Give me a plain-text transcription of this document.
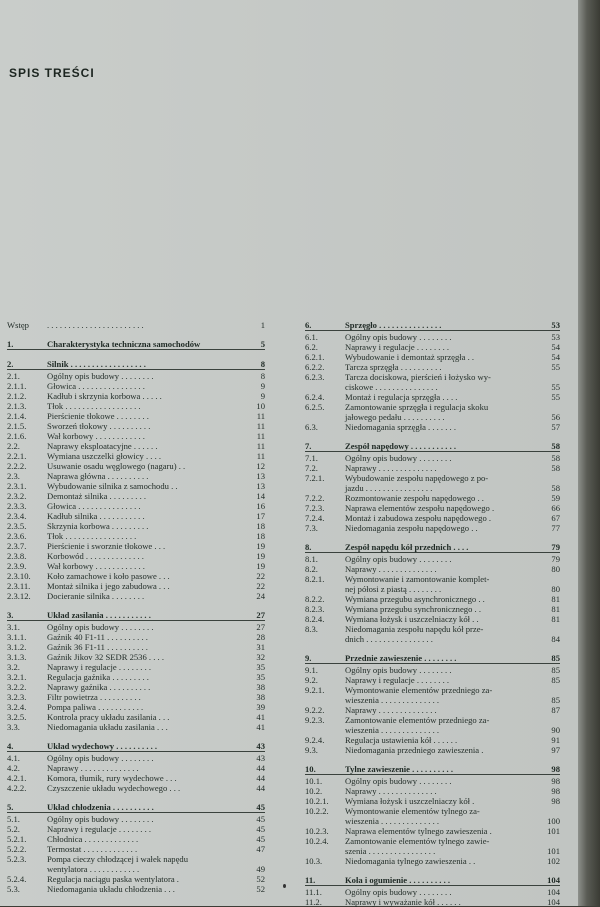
SPIS TREŚCI
Wstęp . . . . . . . . . . . . . . . . . . . . . . .	1
1.	Charakterystyka techniczna samochodów	5
2.	Silnik . . . . . . . . . . . . . . . . . .	8
2.1.	Ogólny opis budowy . . . . . . . .	8
2.1.1. Głowica . . . . . . . . . . . . . . . .	9
2.1.2. Kadłub i skrzynia korbowa . . . . .	9
2.1.3. Tłok . . . . . . . . . . . . . . . . . .	10
2.1.4. Pierścienie tłokowe . . . . . . . .	11
2.1.5. Sworzeń tłokowy . . . . . . . . . .	11
2.1.6. Wał korbowy . . . . . . . . . . . .	11
2.2.	Naprawy eksploatacyjne . . . . . .	11
2.2.1. Wymiana uszczelki głowicy . . . .	11
2.2.2. Usuwanie osadu węglowego (nagaru) . .	12
2.3.	Naprawa główna . . . . . . . . . .	13
2.3.1. Wybudowanie silnika z samochodu . .	13
2.3.2. Demontaż silnika . . . . . . . . .	14
2.3.3. Głowica . . . . . . . . . . . . . . .	16
2.3.4. Kadłub silnika . . . . . . . . . . .	17
2.3.5. Skrzynia korbowa . . . . . . . . .	18
2.3.6. Tłok . . . . . . . . . . . . . . . . .	18
2.3.7. Pierścienie i sworznie tłokowe . . .	19
2.3.8. Korbowód . . . . . . . . . . . . . .	19
2.3.9. Wał korbowy . . . . . . . . . . . .	19
2.3.10. Koło zamachowe i koło pasowe . . .	22
2.3.11. Montaż silnika i jego zabudowa . . .	22
2.3.12. Docieranie silnika . . . . . . . .	24
3.	Układ zasilania . . . . . . . . . . .	27
3.1.	Ogólny opis budowy . . . . . . . .	27
3.1.1. Gaźnik 40 F1-11 . . . . . . . . . .	28
3.1.2. Gaźnik 36 F1-11 . . . . . . . . . .	31
3.1.3. Gaźnik Jikov 32 SEDR 2536 . . . .	32
3.2.	Naprawy i regulacje . . . . . . . .	35
3.2.1. Regulacja gaźnika . . . . . . . . .	35
3.2.2. Naprawy gaźnika . . . . . . . . . .	38
3.2.3. Filtr powietrza . . . . . . . . . .	38
3.2.4. Pompa paliwa . . . . . . . . . . .	39
3.2.5. Kontrola pracy układu zasilania . . .	41
3.3.	Niedomagania układu zasilania . . .	41
4.	Układ wydechowy . . . . . . . . . .	43
4.1.	Ogólny opis budowy . . . . . . . .	43
4.2.	Naprawy . . . . . . . . . . . . . .	44
4.2.1. Komora, tłumik, rury wydechowe . . .	44
4.2.2. Czyszczenie układu wydechowego . . .	44
5.	Układ chłodzenia . . . . . . . . . .	45
5.1.	Ogólny opis budowy . . . . . . . .	45
5.2.	Naprawy i regulacje . . . . . . . .	45
5.2.1. Chłodnica . . . . . . . . . . . . .	45
5.2.2. Termostat . . . . . . . . . . . . .	47
5.2.3. Pompa cieczy chłodzącej i wałek napędu
wentylatora . . . . . . . . . . . .	49
5.2.4. Regulacja naciągu paska wentylatora .	52
5.3.	Niedomagania układu chłodzenia . . .	52
6.	Sprzęgło . . . . . . . . . . . . . . .	53
6.1.	Ogólny opis budowy . . . . . . . .	53
6.2.	Naprawy i regulacje . . . . . . . .	54
6.2.1. Wybudowanie i demontaż sprzęgła . .	54
6.2.2. Tarcza sprzęgła . . . . . . . . . .	55
6.2.3. Tarcza dociskowa, pierścień i łożysko wy-
ciskowe . . . . . . . . . . . . . . .	55
6.2.4. Montaż i regulacja sprzęgła . . . .	55
6.2.5. Zamontowanie sprzęgła i regulacja skoku
jałowego pedału . . . . . . . . . .	56
6.3.	Niedomagania sprzęgła . . . . . . .	57
7.	Zespół napędowy . . . . . . . . . . .	58
7.1.	Ogólny opis budowy . . . . . . . .	58
7.2.	Naprawy . . . . . . . . . . . . . .	58
7.2.1. Wybudowanie zespołu napędowego z po-
jazdu . . . . . . . . . . . . . . . .	58
7.2.2. Rozmontowanie zespołu napędowego . .	59
7.2.3. Naprawa elementów zespołu napędowego .	66
7.2.4. Montaż i zabudowa zespołu napędowego .	67
7.3.	Niedomagania zespołu napędowego . .	77
8.	Zespół napędu kół przednich . . . .	79
8.1.	Ogólny opis budowy . . . . . . . .	79
8.2.	Naprawy . . . . . . . . . . . . . .	80
8.2.1. Wymontowanie i zamontowanie komplet-
nej półosi z piastą . . . . . . . .	80
8.2.2. Wymiana przegubu asynchronicznego . .	81
8.2.3. Wymiana przegubu synchronicznego . .	81
8.2.4. Wymiana łożysk i uszczelniaczy kół . .	81
8.3.	Niedomagania zespołu napędu kół prze-
dnich . . . . . . . . . . . . . . . .	84
9.	Przednie zawieszenie . . . . . . . .	85
9.1.	Ogólny opis budowy . . . . . . . .	85
9.2.	Naprawy i regulacje . . . . . . . .	85
9.2.1. Wymontowanie elementów przedniego za-
wieszenia . . . . . . . . . . . . . .	85
9.2.2. Naprawy . . . . . . . . . . . . . .	87
9.2.3. Zamontowanie elementów przedniego za-
wieszenia . . . . . . . . . . . . . .	90
9.2.4. Regulacja ustawienia kół . . . . . .	91
9.3.	Niedomagania przedniego zawieszenia .	97
10.	Tylne zawieszenie . . . . . . . . . .	98
10.1.	Ogólny opis budowy . . . . . . . .	98
10.2.	Naprawy . . . . . . . . . . . . . .	98
10.2.1. Wymiana łożysk i uszczelniaczy kół .	98
10.2.2. Wymontowanie elementów tylnego za-
wieszenia . . . . . . . . . . . . . .	100
10.2.3. Naprawa elementów tylnego zawieszenia .	101
10.2.4. Zamontowanie elementów tylnego zawie-
szenia . . . . . . . . . . . . . . . .	101
10.3.	Niedomagania tylnego zawieszenia . .	102
11.	Koła i ogumienie . . . . . . . . . .	104
11.1.	Ogólny opis budowy . . . . . . . .	104
11.2.	Naprawy i wyważanie kół . . . . . .	104
